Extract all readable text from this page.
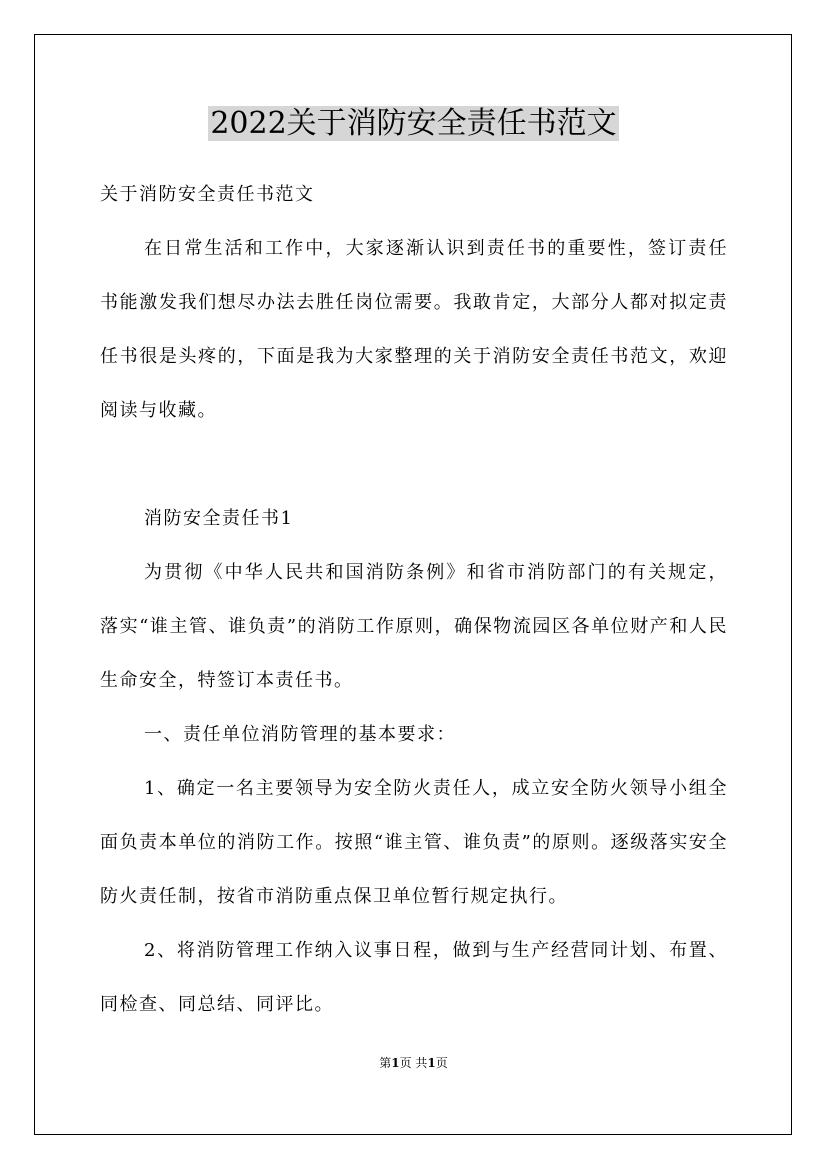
2022关于消防安全责任书范文

关于消防安全责任书范文

在日常生活和工作中，大家逐渐认识到责任书的重要性，签订责任书能激发我们想尽办法去胜任岗位需要。我敢肯定，大部分人都对拟定责任书很是头疼的，下面是我为大家整理的关于消防安全责任书范文，欢迎阅读与收藏。

消防安全责任书1

为贯彻《中华人民共和国消防条例》和省市消防部门的有关规定，落实“谁主管、谁负责”的消防工作原则，确保物流园区各单位财产和人民生命安全，特签订本责任书。

一、责任单位消防管理的基本要求：

1、确定一名主要领导为安全防火责任人，成立安全防火领导小组全面负责本单位的消防工作。按照“谁主管、谁负责”的原则。逐级落实安全防火责任制，按省市消防重点保卫单位暂行规定执行。

2、将消防管理工作纳入议事日程，做到与生产经营同计划、布置、同检查、同总结、同评比。

第1页 共1页
